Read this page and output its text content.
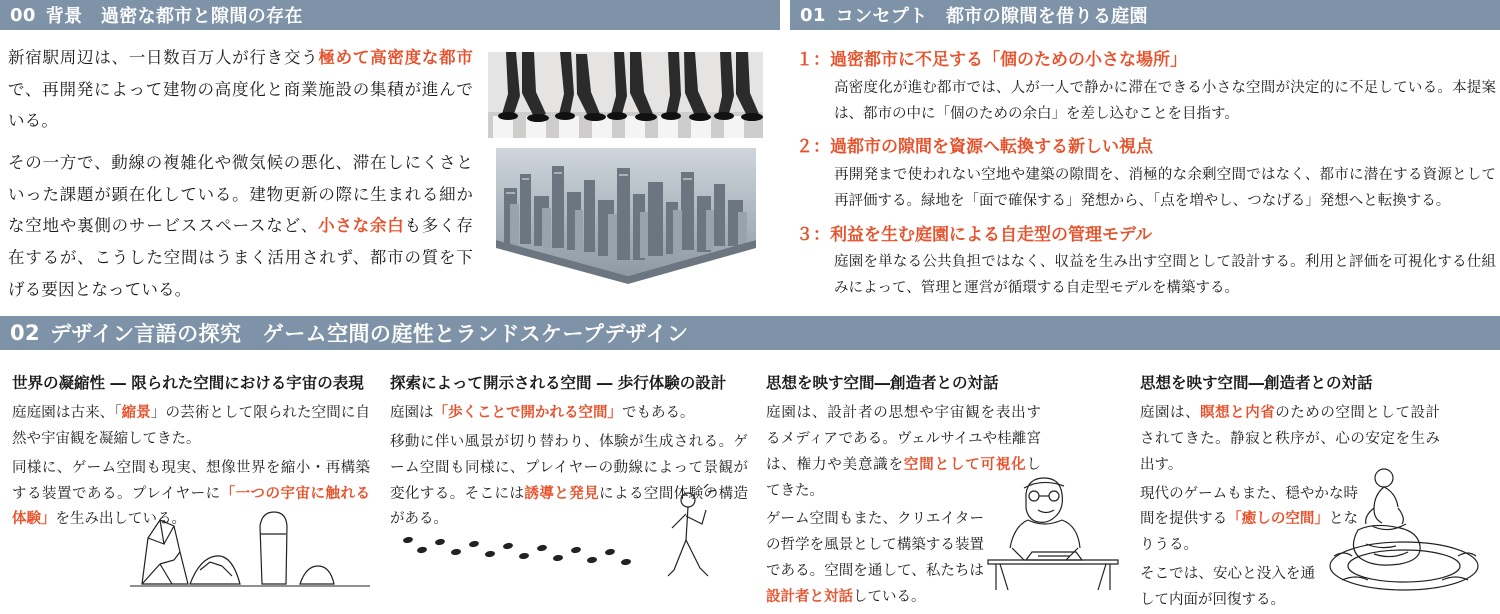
00 背景　過密な都市と隙間の存在

新宿駅周辺は、一日数百万人が行き交う極めて高密度な都市で、再開発によって建物の高度化と商業施設の集積が進んでいる。

その一方で、動線の複雑化や微気候の悪化、滞在しにくさといった課題が顕在化している。建物更新の際に生まれる細かな空地や裏側のサービススペースなど、小さな余白も多く存在するが、こうした空間はうまく活用されず、都市の質を下げる要因となっている。

01 コンセプト　都市の隙間を借りる庭園
１：過密都市に不足する「個のための小さな場所」
高密度化が進む都市では、人が一人で静かに滞在できる小さな空間が決定的に不足している。本提案は、都市の中に「個のための余白」を差し込むことを目指す。
２：過都市の隙間を資源へ転換する新しい視点
再開発まで使われない空地や建築の隙間を、消極的な余剰空間ではなく、都市に潜在する資源として再評価する。緑地を「面で確保する」発想から、「点を増やし、つなげる」発想へと転換する。
３：利益を生む庭園による自走型の管理モデル
庭園を単なる公共負担ではなく、収益を生み出す空間として設計する。利用と評価を可視化する仕組みによって、管理と運営が循環する自走型モデルを構築する。
02 デザイン言語の探究　ゲーム空間の庭性とランドスケープデザイン
世界の凝縮性 ― 限られた空間における宇宙の表現

庭庭園は古来、「縮景」の芸術として限られた空間に自然や宇宙観を凝縮してきた。

同様に、ゲーム空間も現実、想像世界を縮小・再構築する装置である。プレイヤーに「一つの宇宙に触れる体験」を生み出している。

探索によって開示される空間 ― 歩行体験の設計

庭園は「歩くことで開かれる空間」でもある。

移動に伴い風景が切り替わり、体験が生成される。ゲーム空間も同様に、プレイヤーの動線によって景観が変化する。そこには誘導と発見による空間体験の構造がある。

思想を映す空間―創造者との対話

庭園は、設計者の思想や宇宙観を表出するメディアである。ヴェルサイユや桂離宮は、権力や美意識を空間として可視化してきた。

ゲーム空間もまた、クリエイターの哲学を風景として構築する装置である。空間を通して、私たちは設計者と対話している。

思想を映す空間―創造者との対話

庭園は、瞑想と内省のための空間として設計されてきた。静寂と秩序が、心の安定を生み出す。

現代のゲームもまた、穏やかな時間を提供する「癒しの空間」となりうる。

そこでは、安心と没入を通して内面が回復する。
